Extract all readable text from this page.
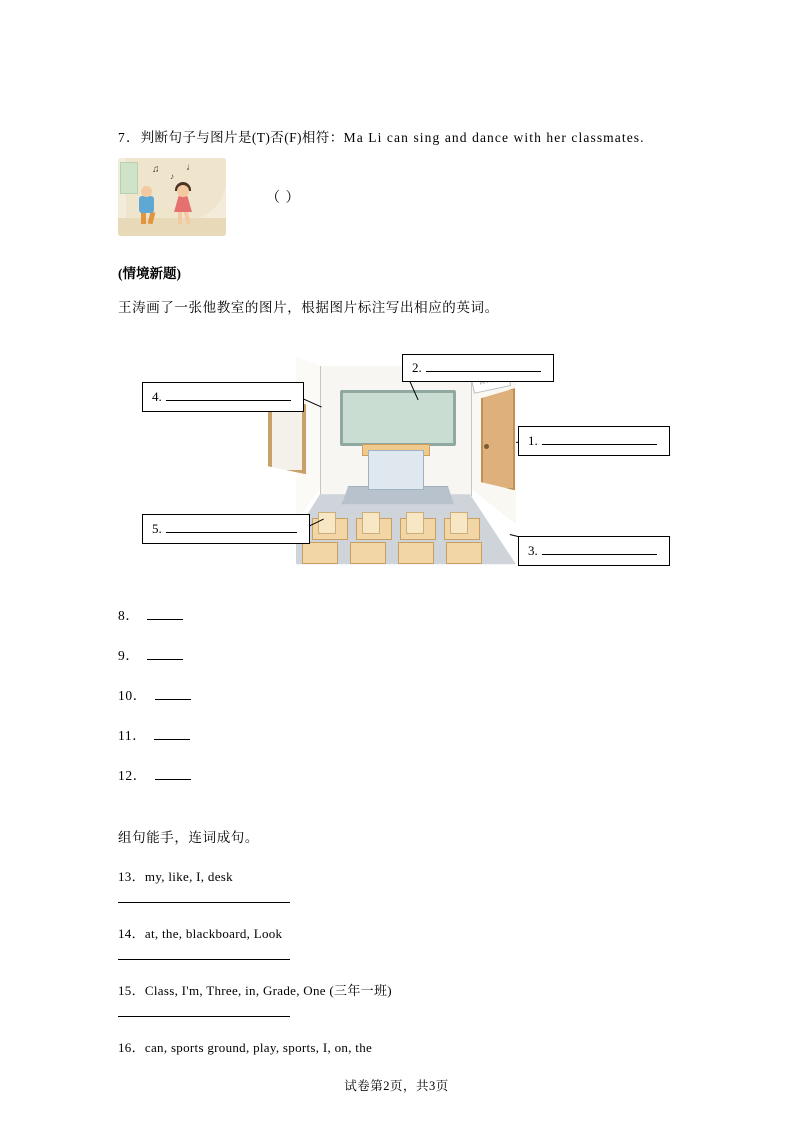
7．判断句子与图片是(T)否(F)相符：Ma Li can sing and dance with her classmates.
♫
♪
♩
（ ）
(情境新题)
王涛画了一张他教室的图片，根据图片标注写出相应的英词。
2.
1.
4.
5.
3.
8．
9．
10．
11．
12．
组句能手，连词成句。
13．my, like, I, desk
14．at, the, blackboard, Look
15．Class, I'm, Three, in, Grade, One (三年一班)
16．can, sports ground, play, sports, I, on, the
试卷第2页，共3页
